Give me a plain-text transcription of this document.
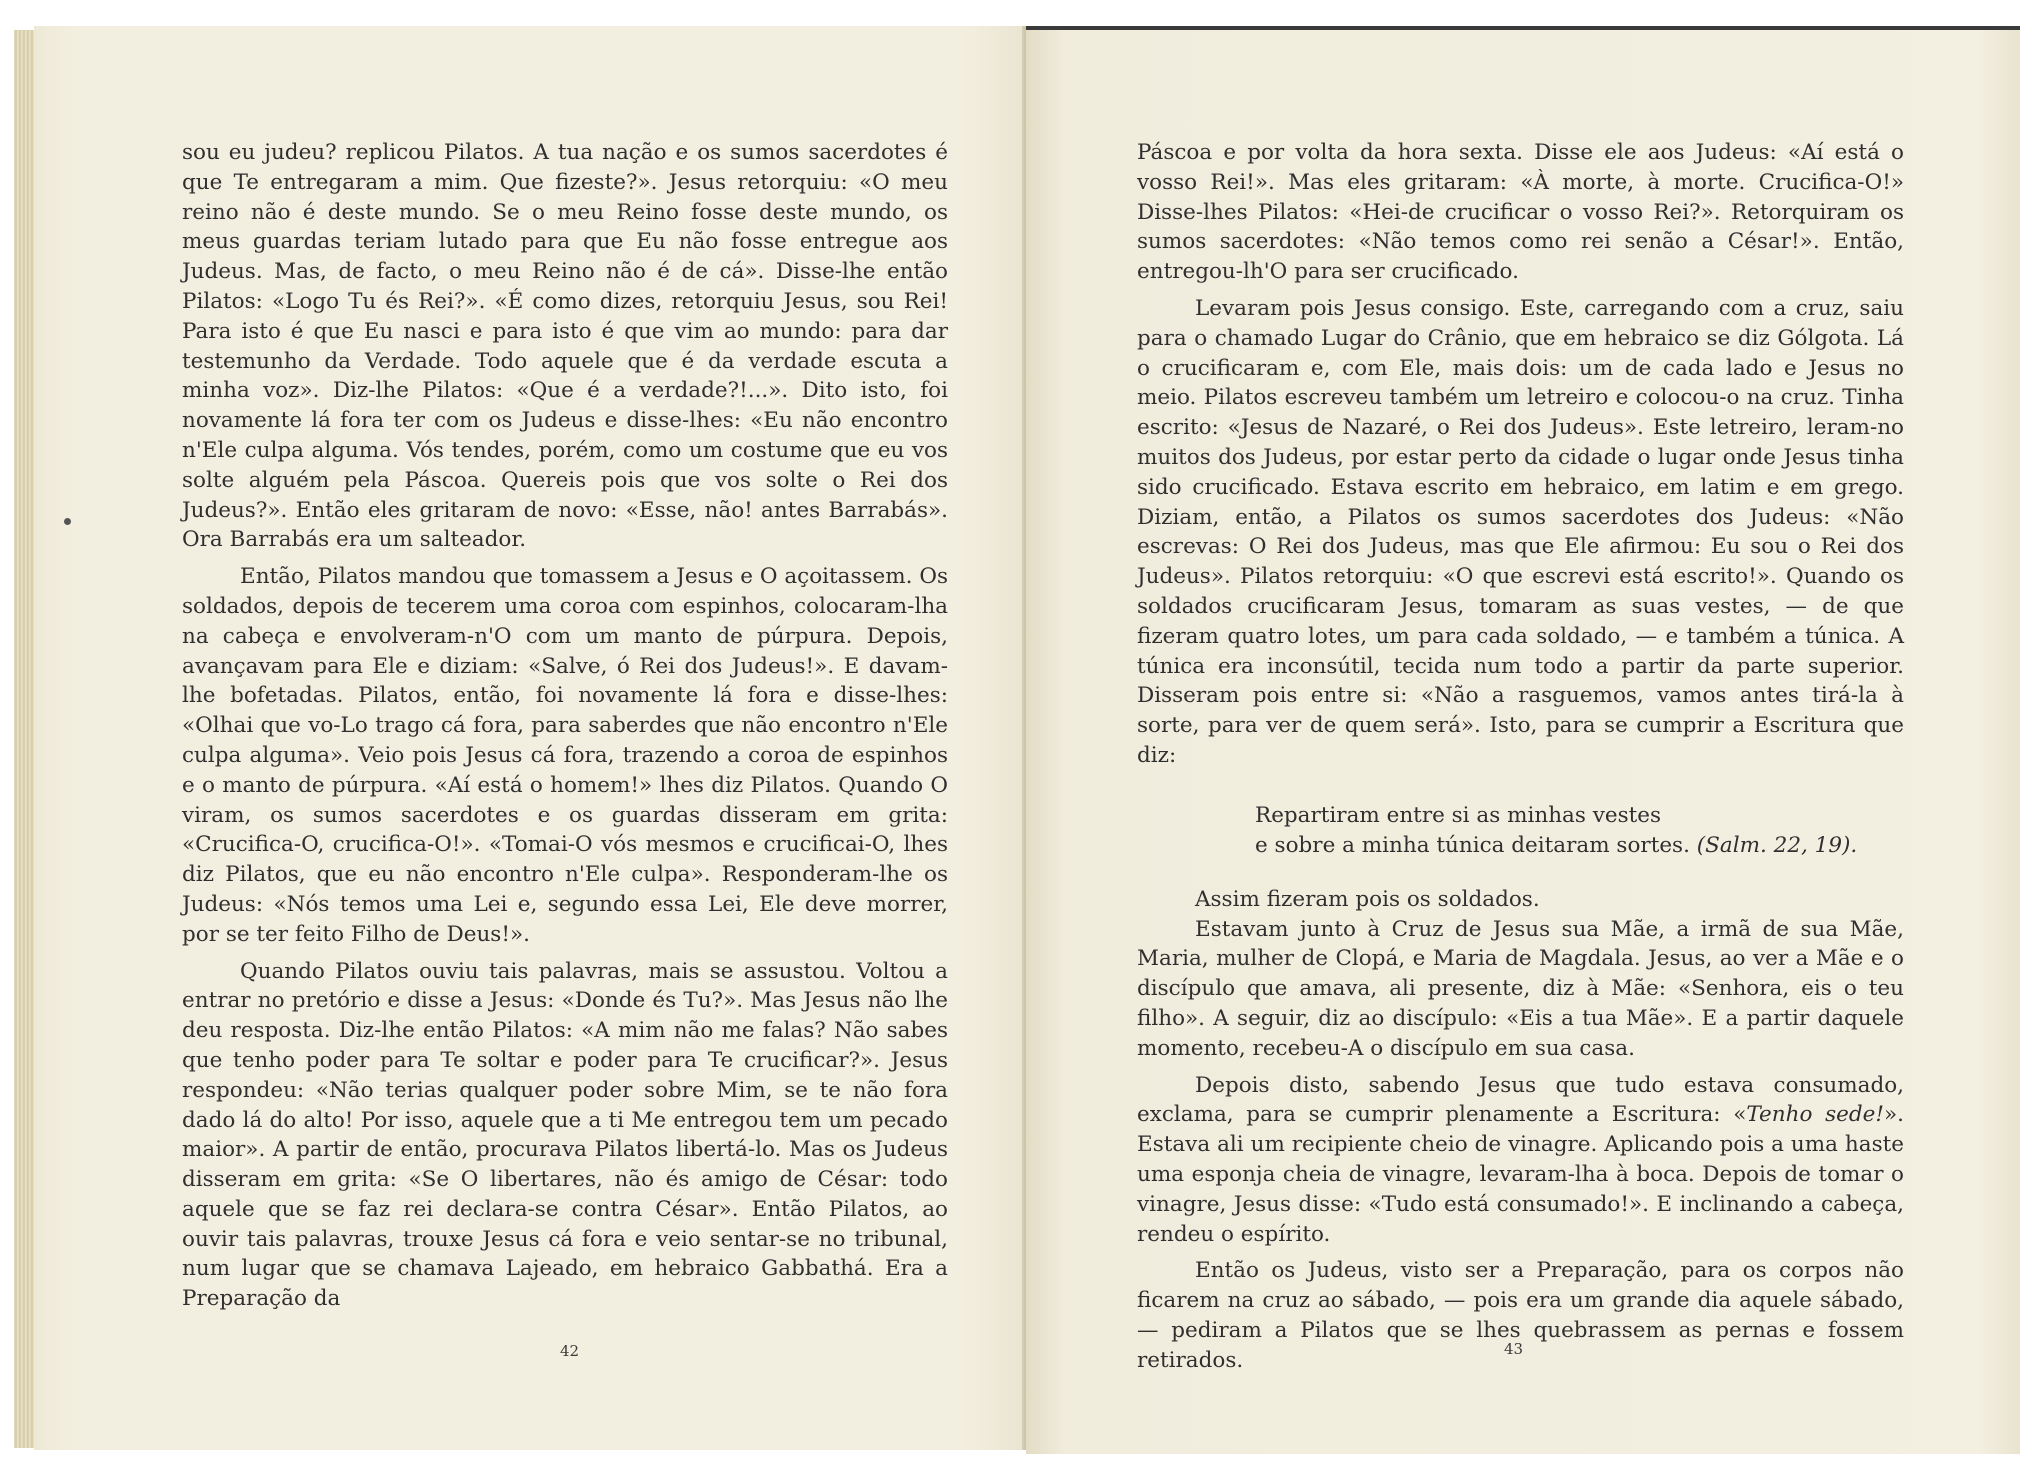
sou eu judeu? replicou Pilatos. A tua nação e os sumos sacerdotes é que Te entregaram a mim. Que fizeste?». Jesus retorquiu: «O meu reino não é deste mundo. Se o meu Reino fosse deste mundo, os meus guardas teriam lutado para que Eu não fosse entregue aos Judeus. Mas, de facto, o meu Reino não é de cá». Disse-lhe então Pilatos: «Logo Tu és Rei?». «É como dizes, retorquiu Jesus, sou Rei! Para isto é que Eu nasci e para isto é que vim ao mundo: para dar testemunho da Verdade. Todo aquele que é da verdade escuta a minha voz». Diz-lhe Pilatos: «Que é a verdade?!...». Dito isto, foi novamente lá fora ter com os Judeus e disse-lhes: «Eu não encontro n'Ele culpa alguma. Vós tendes, porém, como um costume que eu vos solte alguém pela Páscoa. Quereis pois que vos solte o Rei dos Judeus?». Então eles gritaram de novo: «Esse, não! antes Barrabás». Ora Barrabás era um salteador.

Então, Pilatos mandou que tomassem a Jesus e O açoitassem. Os soldados, depois de tecerem uma coroa com espinhos, colocaram-lha na cabeça e envolveram-n'O com um manto de púrpura. Depois, avançavam para Ele e diziam: «Salve, ó Rei dos Judeus!». E davam-lhe bofetadas. Pilatos, então, foi novamente lá fora e disse-lhes: «Olhai que vo-Lo trago cá fora, para saberdes que não encontro n'Ele culpa alguma». Veio pois Jesus cá fora, trazendo a coroa de espinhos e o manto de púrpura. «Aí está o homem!» lhes diz Pilatos. Quando O viram, os sumos sacerdotes e os guardas disseram em grita: «Crucifica-O, crucifica-O!». «Tomai-O vós mesmos e crucificai-O, lhes diz Pilatos, que eu não encontro n'Ele culpa». Responderam-lhe os Judeus: «Nós temos uma Lei e, segundo essa Lei, Ele deve morrer, por se ter feito Filho de Deus!».

Quando Pilatos ouviu tais palavras, mais se assustou. Voltou a entrar no pretório e disse a Jesus: «Donde és Tu?». Mas Jesus não lhe deu resposta. Diz-lhe então Pilatos: «A mim não me falas? Não sabes que tenho poder para Te soltar e poder para Te crucificar?». Jesus respondeu: «Não terias qualquer poder sobre Mim, se te não fora dado lá do alto! Por isso, aquele que a ti Me entregou tem um pecado maior». A partir de então, procurava Pilatos libertá-lo. Mas os Judeus disseram em grita: «Se O libertares, não és amigo de César: todo aquele que se faz rei declara-se contra César». Então Pilatos, ao ouvir tais palavras, trouxe Jesus cá fora e veio sentar-se no tribunal, num lugar que se chamava Lajeado, em hebraico Gabbathá. Era a Preparação da

42

Páscoa e por volta da hora sexta. Disse ele aos Judeus: «Aí está o vosso Rei!». Mas eles gritaram: «À morte, à morte. Crucifica-O!» Disse-lhes Pilatos: «Hei-de crucificar o vosso Rei?». Retorquiram os sumos sacerdotes: «Não temos como rei senão a César!». Então, entregou-lh'O para ser crucificado.

Levaram pois Jesus consigo. Este, carregando com a cruz, saiu para o chamado Lugar do Crânio, que em hebraico se diz Gólgota. Lá o crucificaram e, com Ele, mais dois: um de cada lado e Jesus no meio. Pilatos escreveu também um letreiro e colocou-o na cruz. Tinha escrito: «Jesus de Nazaré, o Rei dos Judeus». Este letreiro, leram-no muitos dos Judeus, por estar perto da cidade o lugar onde Jesus tinha sido crucificado. Estava escrito em hebraico, em latim e em grego. Diziam, então, a Pilatos os sumos sacerdotes dos Judeus: «Não escrevas: O Rei dos Judeus, mas que Ele afirmou: Eu sou o Rei dos Judeus». Pilatos retorquiu: «O que escrevi está escrito!». Quando os soldados crucificaram Jesus, tomaram as suas vestes, — de que fizeram quatro lotes, um para cada soldado, — e também a túnica. A túnica era inconsútil, tecida num todo a partir da parte superior. Disseram pois entre si: «Não a rasguemos, vamos antes tirá-la à sorte, para ver de quem será». Isto, para se cumprir a Escritura que diz:

Repartiram entre si as minhas vestes
e sobre a minha túnica deitaram sortes. (Salm. 22, 19).

Assim fizeram pois os soldados.

Estavam junto à Cruz de Jesus sua Mãe, a irmã de sua Mãe, Maria, mulher de Clopá, e Maria de Magdala. Jesus, ao ver a Mãe e o discípulo que amava, ali presente, diz à Mãe: «Senhora, eis o teu filho». A seguir, diz ao discípulo: «Eis a tua Mãe». E a partir daquele momento, recebeu-A o discípulo em sua casa.

Depois disto, sabendo Jesus que tudo estava consumado, exclama, para se cumprir plenamente a Escritura: «Tenho sede!». Estava ali um recipiente cheio de vinagre. Aplicando pois a uma haste uma esponja cheia de vinagre, levaram-lha à boca. Depois de tomar o vinagre, Jesus disse: «Tudo está consumado!». E inclinando a cabeça, rendeu o espírito.

Então os Judeus, visto ser a Preparação, para os corpos não ficarem na cruz ao sábado, — pois era um grande dia aquele sábado, — pediram a Pilatos que se lhes quebrassem as pernas e fossem retirados.	43
